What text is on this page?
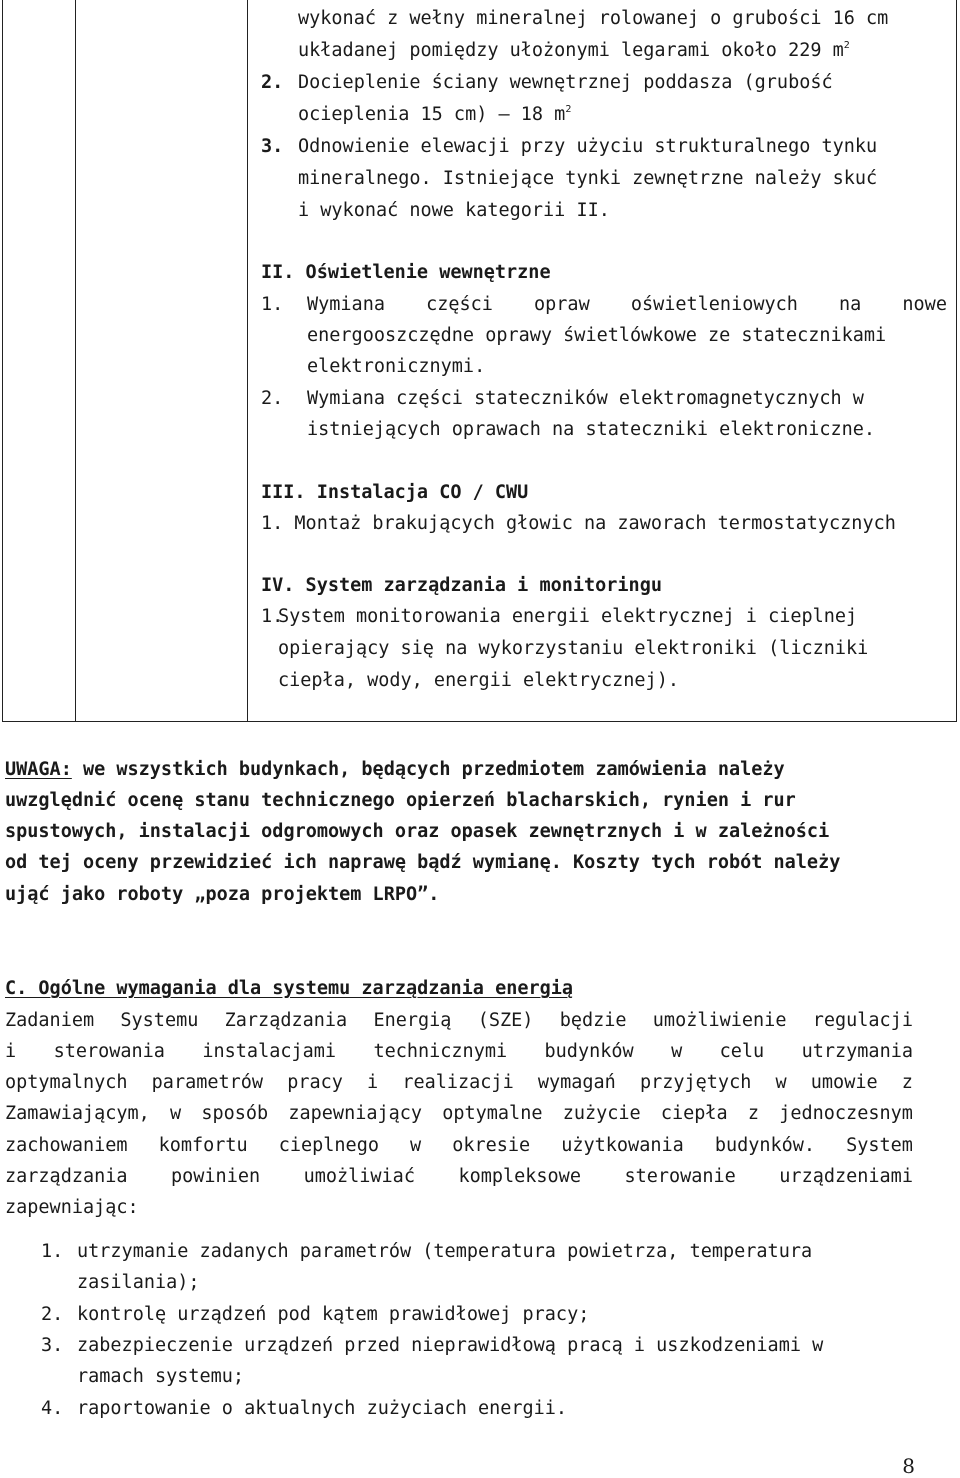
wykonać z wełny mineralnej rolowanej o grubości 16 cm
układanej pomiędzy ułożonymi legarami około 229 $m^2$
2. Docieplenie ściany wewnętrznej poddasza (grubość
ocieplenia 15 cm) – 18 $m^2$
3. Odnowienie elewacji przy użyciu strukturalnego tynku
mineralnego. Istniejące tynki zewnętrzne należy skuć
i wykonać nowe kategorii II.
II. Oświetlenie wewnętrzne
1. Wymiana części opraw oświetleniowych na nowe
energooszczędne oprawy świetlówkowe ze statecznikami
elektronicznymi.
2. Wymiana części stateczników elektromagnetycznych w
istniejących oprawach na stateczniki elektroniczne.
III. Instalacja CO / CWU
1. Montaż brakujących głowic na zaworach termostatycznych
IV. System zarządzania i monitoringu
1.
System monitorowania energii elektrycznej i cieplnej
opierający się na wykorzystaniu elektroniki (liczniki
ciepła, wody, energii elektrycznej).
UWAGA: we wszystkich budynkach, będących przedmiotem zamówienia należy
uwzględnić ocenę stanu technicznego opierzeń blacharskich, rynien i rur
spustowych, instalacji odgromowych oraz opasek zewnętrznych i w zależności
od tej oceny przewidzieć ich naprawę bądź wymianę. Koszty tych robót należy
ująć jako roboty „poza projektem LRPO”.
C. Ogólne wymagania dla systemu zarządzania energią
Zadaniem Systemu Zarządzania Energią (SZE) będzie umożliwienie regulacji
i sterowania instalacjami technicznymi budynków w celu utrzymania
optymalnych parametrów pracy i realizacji wymagań przyjętych w umowie z
Zamawiającym, w sposób zapewniający optymalne zużycie ciepła z jednoczesnym
zachowaniem komfortu cieplnego w okresie użytkowania budynków. System
zarządzania powinien umożliwiać kompleksowe sterowanie urządzeniami
zapewniając:
1. utrzymanie zadanych parametrów (temperatura powietrza, temperatura
zasilania);
2. kontrolę urządzeń pod kątem prawidłowej pracy;
3. zabezpieczenie urządzeń przed nieprawidłową pracą i uszkodzeniami w
ramach systemu;
4. raportowanie o aktualnych zużyciach energii.
8
